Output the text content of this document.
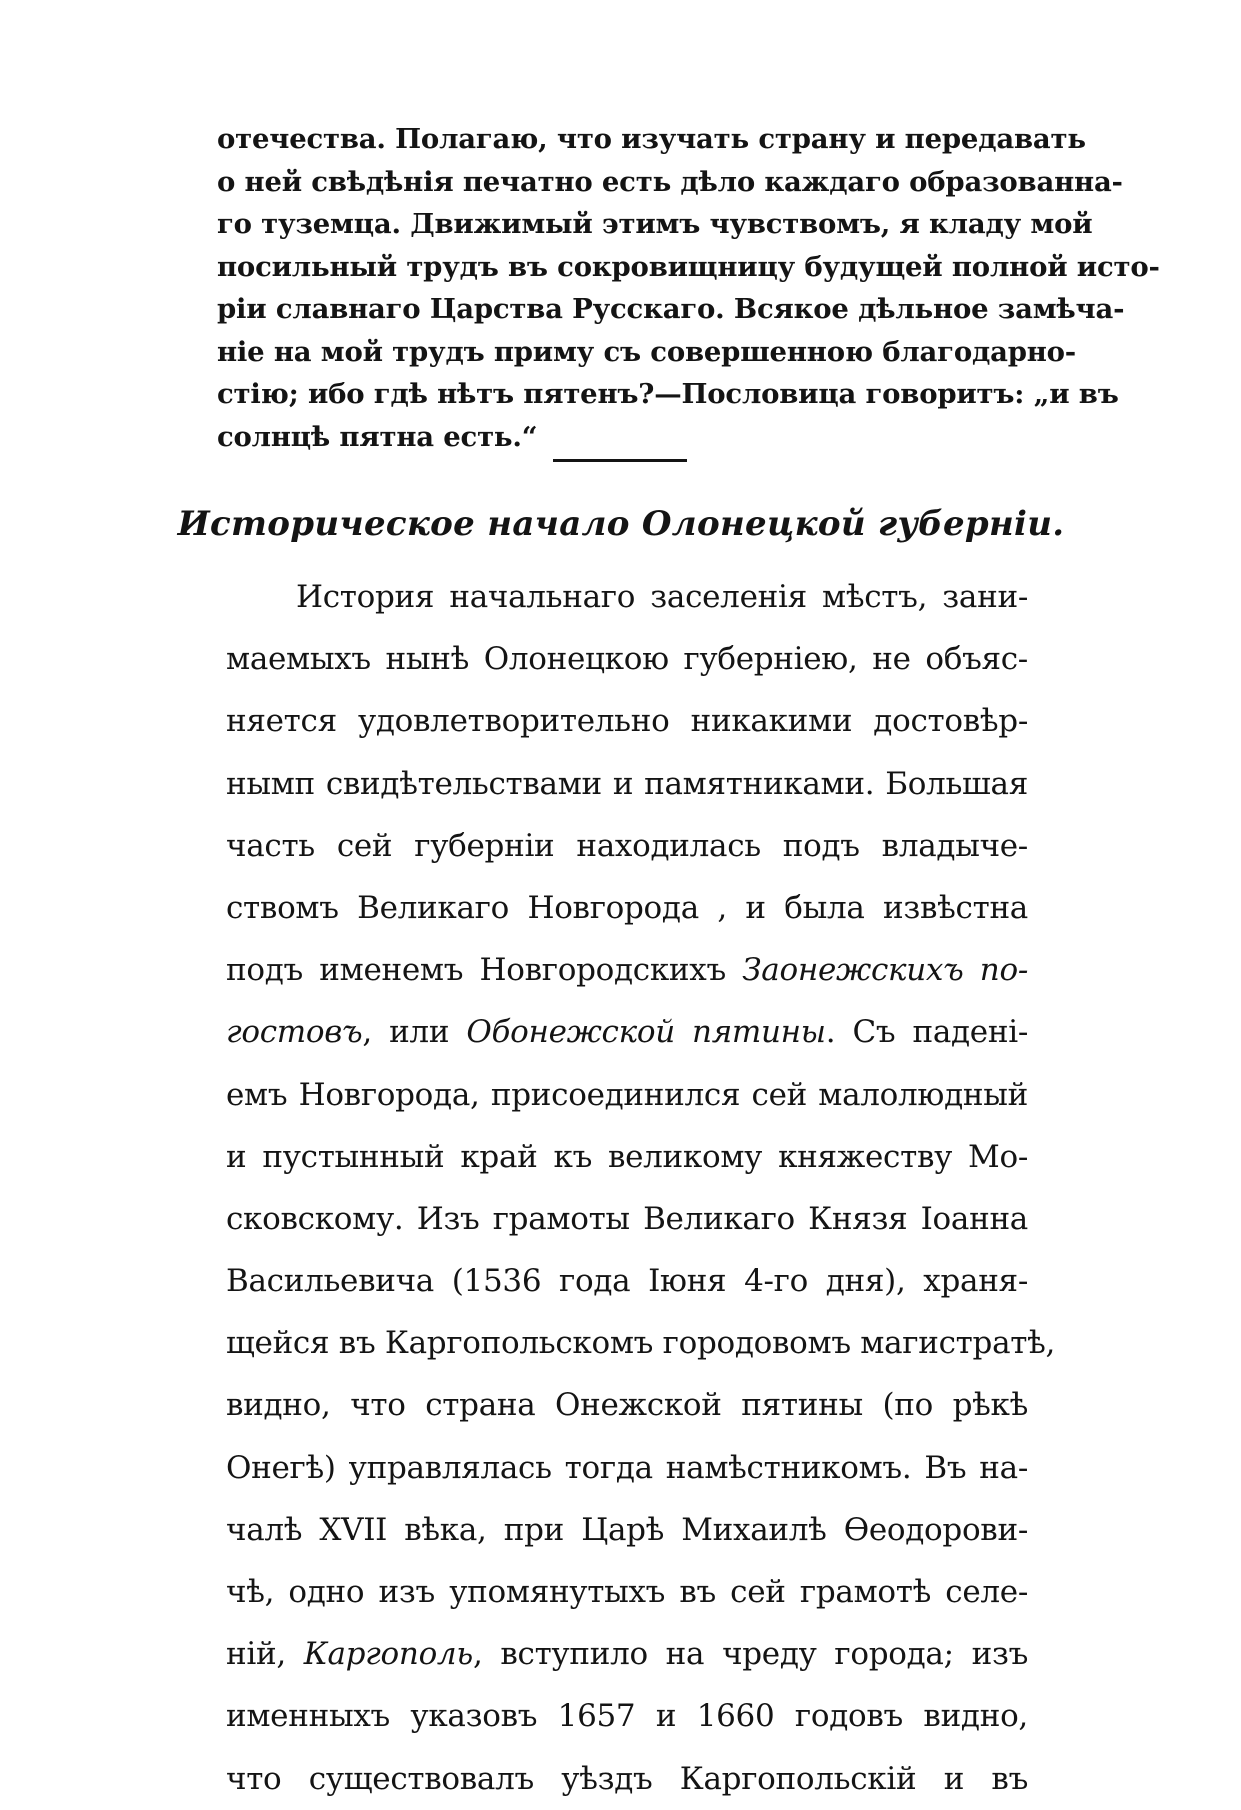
отечества. Полагаю, что изучать страну и передавать
о ней свѣдѣнія печатно есть дѣло каждаго образованна-
го туземца. Движимый этимъ чувствомъ, я кладу мой
посильный трудъ въ сокровищницу будущей полной исто-
ріи славнаго Царства Русскаго. Всякое дѣльное замѣча-
ніе на мой трудъ приму съ совершенною благодарно-
стію; ибо гдѣ нѣтъ пятенъ?—Пословица говоритъ: „и въ
солнцѣ пятна есть.“
Историческое начало Олонецкой губерніи.
История начальнаго заселенія мѣстъ, зани-
маемыхъ нынѣ Олонецкою губерніею, не объяс-
няется удовлетворительно никакими достовѣр-
нымп свидѣтельствами и памятниками. Большая
часть сей губерніи находилась подъ владыче-
ствомъ Великаго Новгорода , и была извѣстна
подъ именемъ Новгородскихъ Заонежскихъ по-
гостовъ, или Обонежской пятины. Съ падені-
емъ Новгорода, присоединился сей малолюдный
и пустынный край къ великому княжеству Мо-
сковскому. Изъ грамоты Великаго Князя Іоанна
Васильевича (1536 года Іюня 4-го дня), храня-
щейся въ Каргопольскомъ городовомъ магистратѣ,
видно, что страна Онежской пятины (по рѣкѣ
Онегѣ) управлялась тогда намѣстникомъ. Въ на-
чалѣ XVII вѣка, при Царѣ Михаилѣ Ѳеодорови-
чѣ, одно изъ упомянутыхъ въ сей грамотѣ селе-
ній, Каргополь, вступило на чреду города; изъ
именныхъ указовъ 1657 и 1660 годовъ видно,
что существовалъ уѣздъ Каргопольскій и въ
